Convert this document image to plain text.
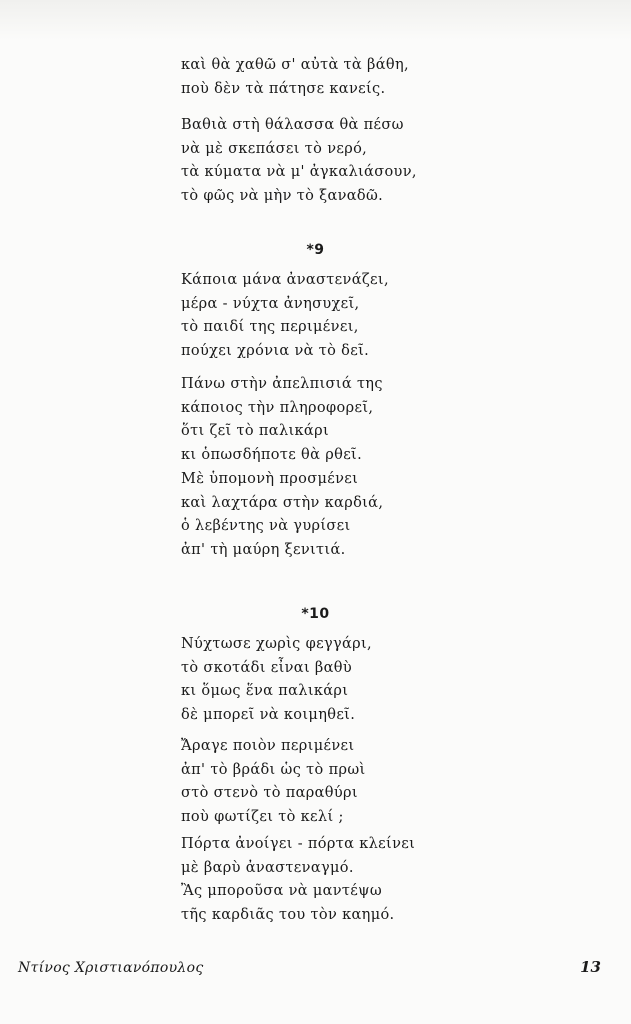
καὶ θὰ χαθῶ σ' αὐτὰ τὰ βάθη,
ποὺ δὲν τὰ πάτησε κανείς.
Βαθιὰ στὴ θάλασσα θὰ πέσω
νὰ μὲ σκεπάσει τὸ νερό,
τὰ κύματα νὰ μ' ἀγκαλιάσουν,
τὸ φῶς νὰ μὴν τὸ ξαναδῶ.
*9
Κάποια μάνα ἀναστενάζει,
μέρα - νύχτα ἀνησυχεῖ,
τὸ παιδί της περιμένει,
πούχει χρόνια νὰ τὸ δεῖ.
Πάνω στὴν ἀπελπισιά της
κάποιος τὴν πληροφορεῖ,
ὅτι ζεῖ τὸ παλικάρι
κι ὁπωσδήποτε θὰ ρθεῖ.
Μὲ ὑπομονὴ προσμένει
καὶ λαχτάρα στὴν καρδιά,
ὁ λεβέντης νὰ γυρίσει
ἀπ' τὴ μαύρη ξενιτιά.
*10
Νύχτωσε χωρὶς φεγγάρι,
τὸ σκοτάδι εἶναι βαθὺ
κι ὅμως ἕνα παλικάρι
δὲ μπορεῖ νὰ κοιμηθεῖ.
Ἄραγε ποιὸν περιμένει
ἀπ' τὸ βράδι ὡς τὸ πρωὶ
στὸ στενὸ τὸ παραθύρι
ποὺ φωτίζει τὸ κελί ;
Πόρτα ἀνοίγει - πόρτα κλείνει
μὲ βαρὺ ἀναστεναγμό.
Ἂς μποροῦσα νὰ μαντέψω
τῆς καρδιᾶς του τὸν καημό.
Ντίνος Χριστιανόπουλος	13
